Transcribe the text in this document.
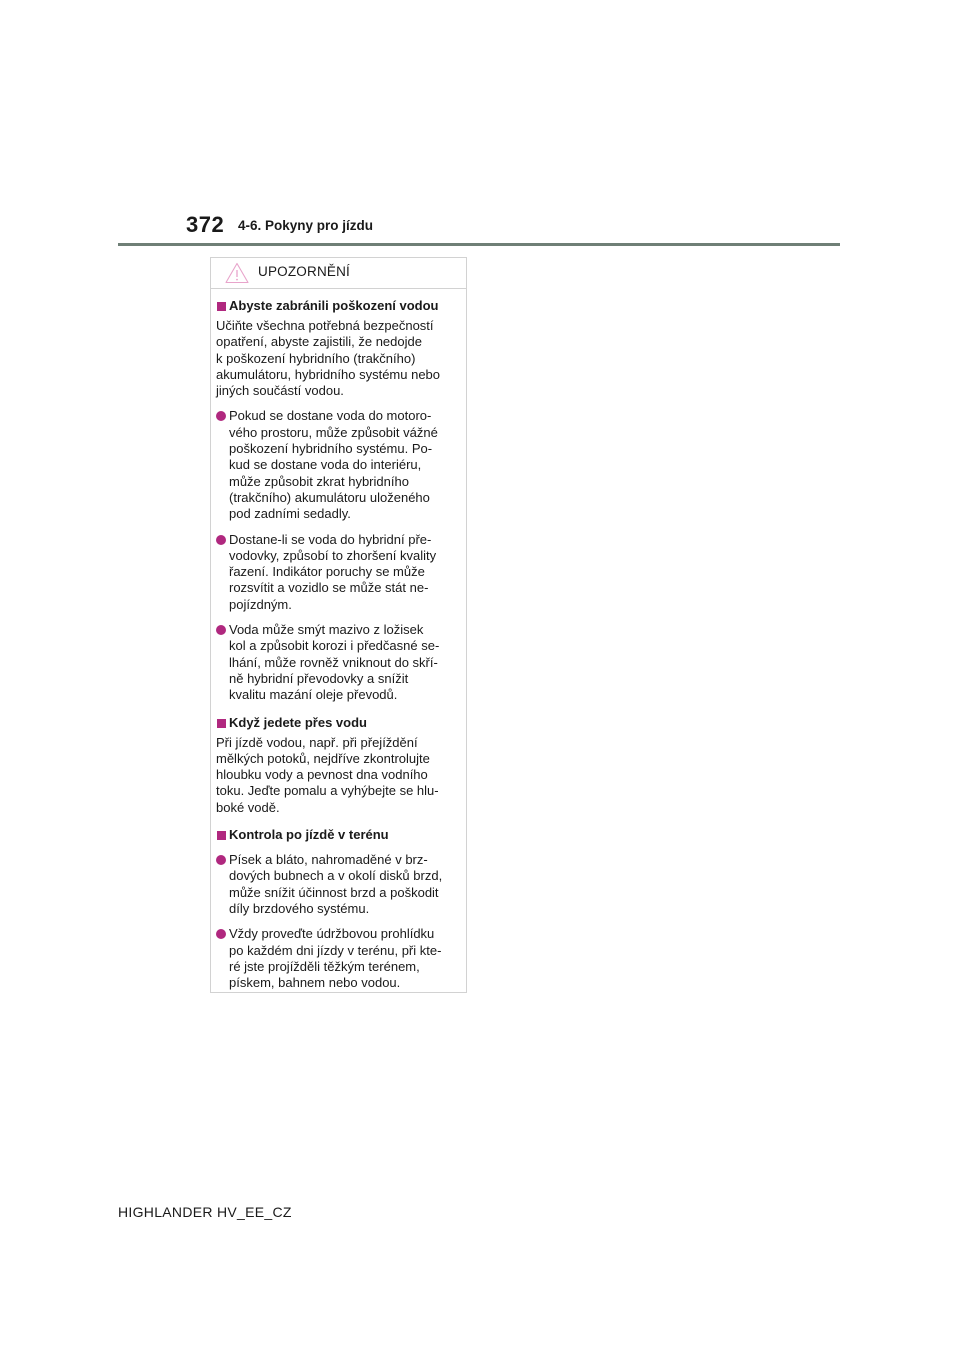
372 4-6. Pokyny pro jízdu
UPOZORNĚNÍ
Abyste zabránili poškození vodou
Učiňte všechna potřebná bezpečností
opatření, abyste zajistili, že nedojde
k poškození hybridního (trakčního)
akumulátoru, hybridního systému nebo
jiných součástí vodou.
Pokud se dostane voda do motoro-
vého prostoru, může způsobit vážné
poškození hybridního systému. Po-
kud se dostane voda do interiéru,
může způsobit zkrat hybridního
(trakčního) akumulátoru uloženého
pod zadními sedadly.
Dostane-li se voda do hybridní pře-
vodovky, způsobí to zhoršení kvality
řazení. Indikátor poruchy se může
rozsvítit a vozidlo se může stát ne-
pojízdným.
Voda může smýt mazivo z ložisek
kol a způsobit korozi i předčasné se-
lhání, může rovněž vniknout do skří-
ně hybridní převodovky a snížit
kvalitu mazání oleje převodů.
Když jedete přes vodu
Při jízdě vodou, např. při přejíždění
mělkých potoků, nejdříve zkontrolujte
hloubku vody a pevnost dna vodního
toku. Jeďte pomalu a vyhýbejte se hlu-
boké vodě.
Kontrola po jízdě v terénu
Písek a bláto, nahromaděné v brz-
dových bubnech a v okolí disků brzd,
může snížit účinnost brzd a poškodit
díly brzdového systému.
Vždy proveďte údržbovou prohlídku
po každém dni jízdy v terénu, při kte-
ré jste projížděli těžkým terénem,
pískem, bahnem nebo vodou.
HIGHLANDER HV_EE_CZ
